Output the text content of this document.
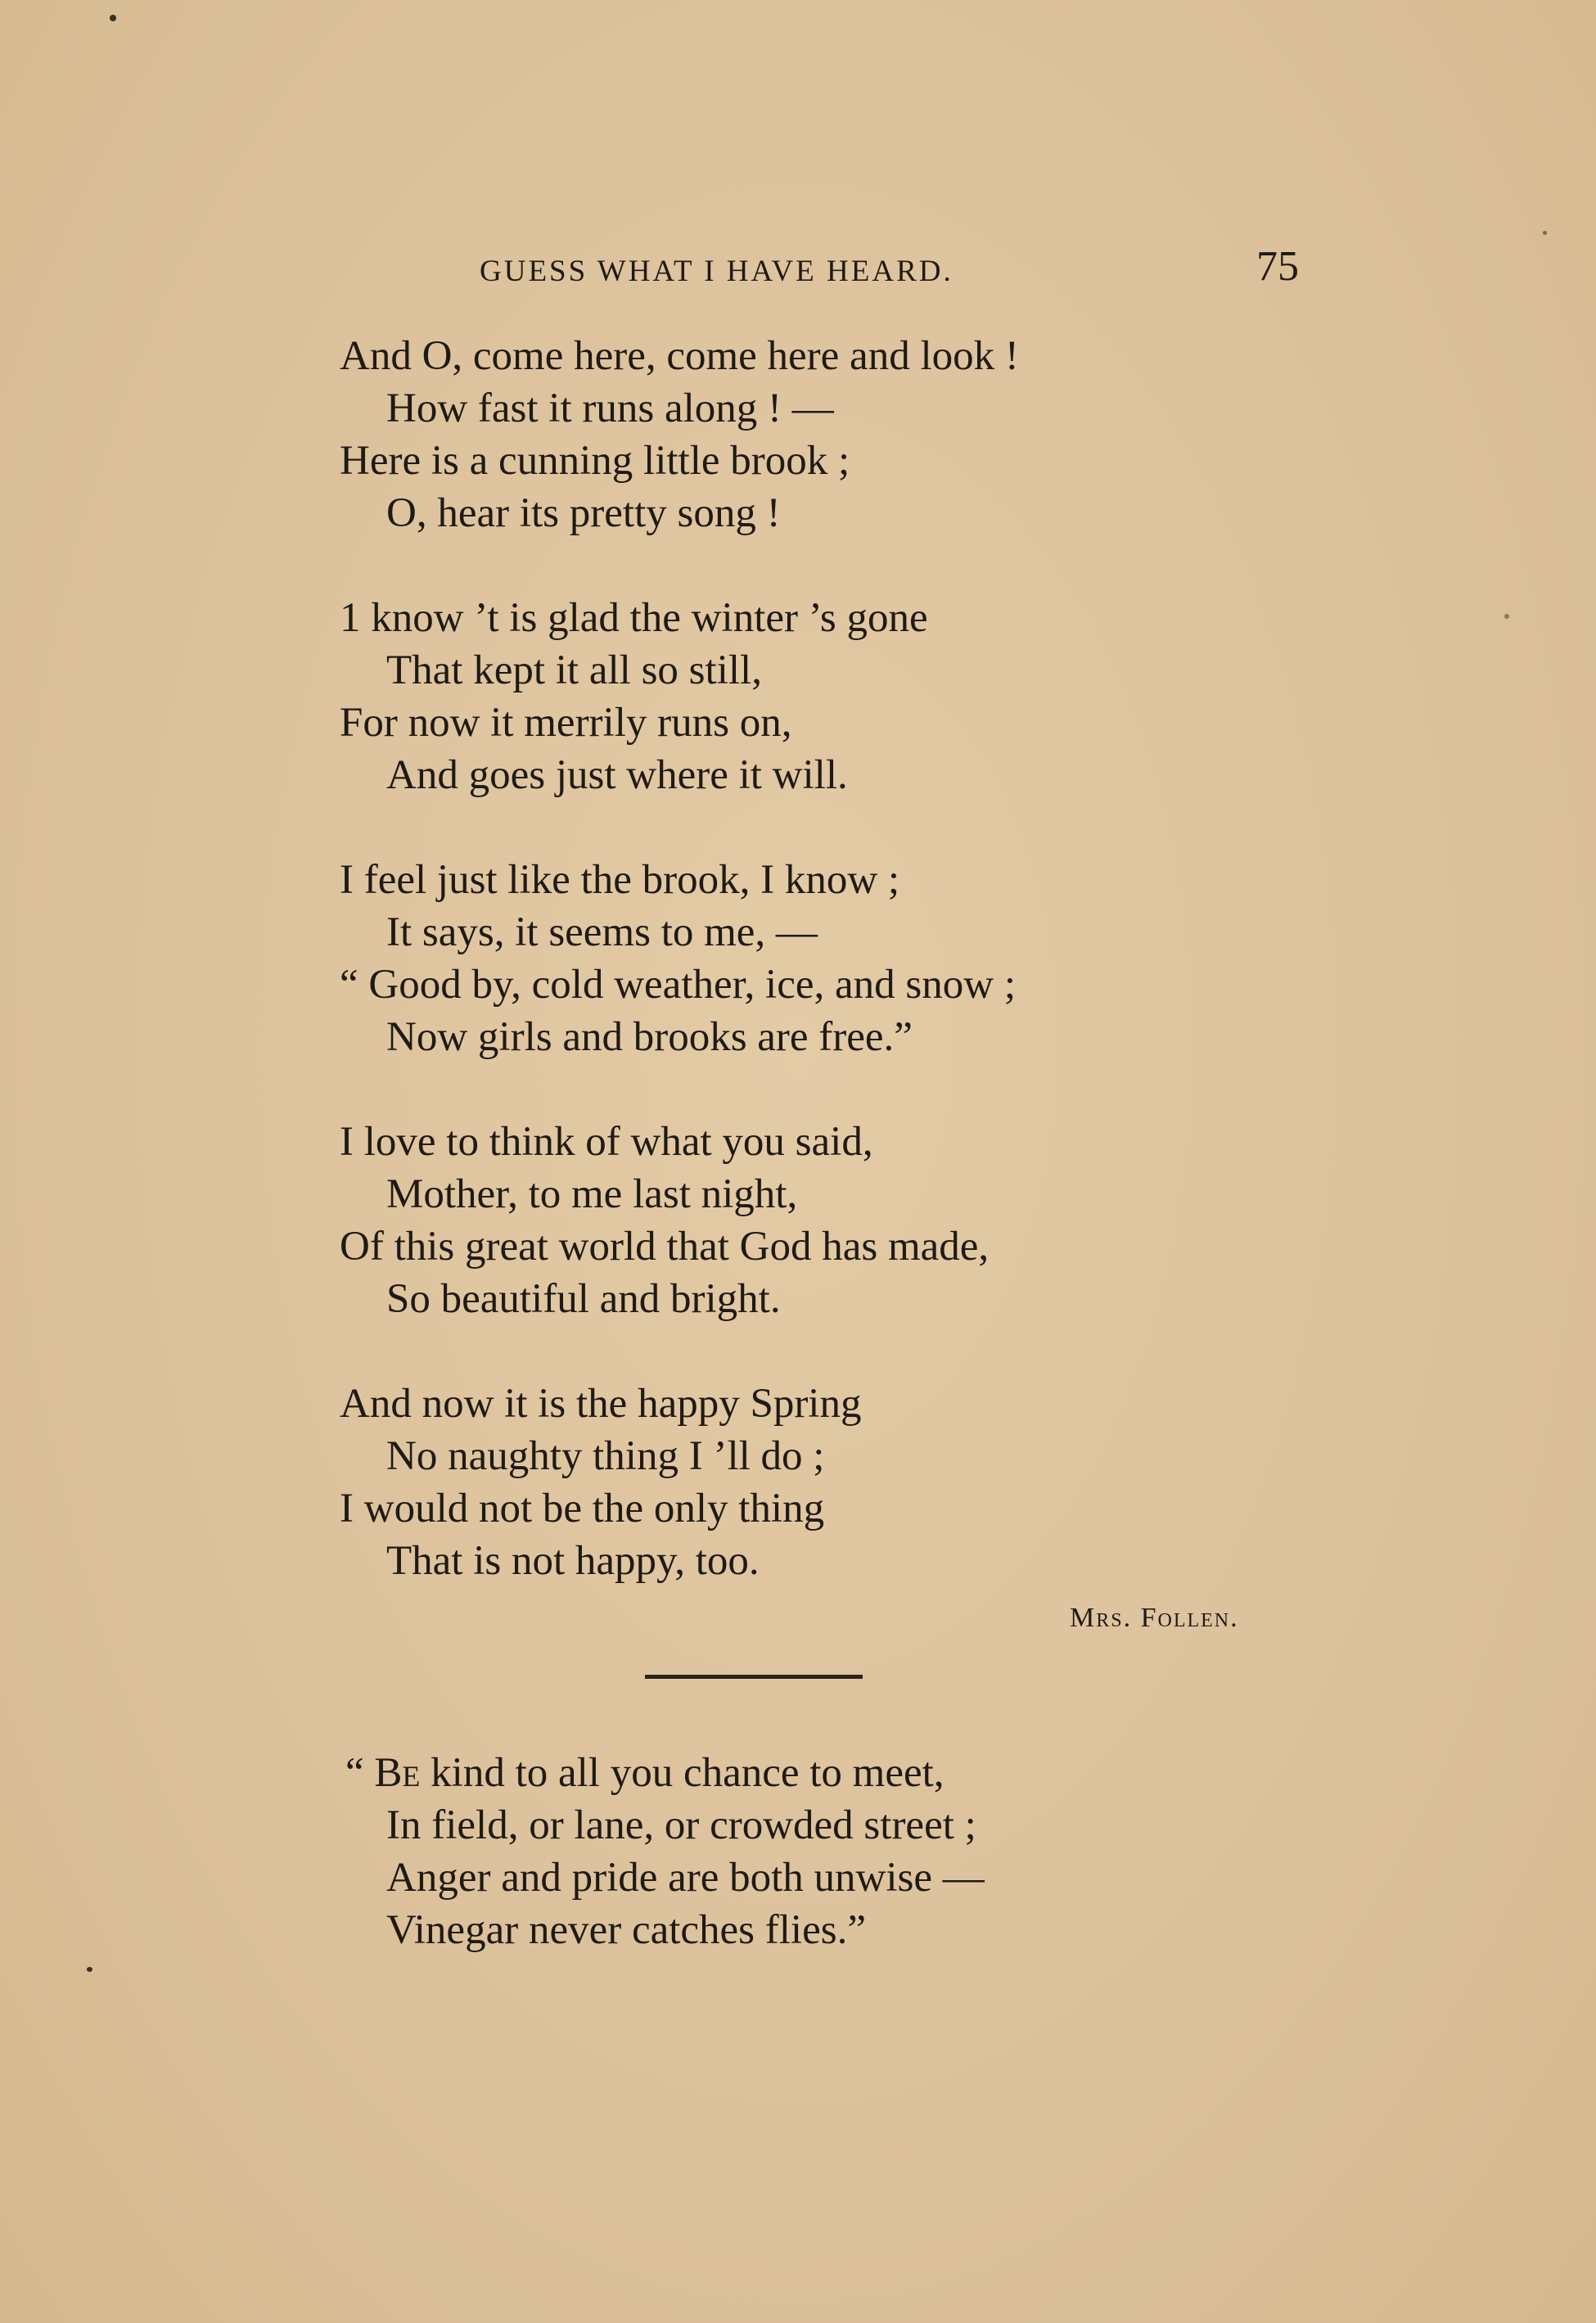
GUESS WHAT I HAVE HEARD.	75
And O, come here, come here and look !
How fast it runs along ! —
Here is a cunning little brook ;
O, hear its pretty song !
1 know ’t is glad the winter ’s gone
That kept it all so still,
For now it merrily runs on,
And goes just where it will.
I feel just like the brook, I know ;
It says, it seems to me, —
“ Good by, cold weather, ice, and snow ;
Now girls and brooks are free.”
I love to think of what you said,
Mother, to me last night,
Of this great world that God has made,
So beautiful and bright.
And now it is the happy Spring
No naughty thing I ’ll do ;
I would not be the only thing
That is not happy, too.
Mrs. Follen.
“ Be kind to all you chance to meet,
In field, or lane, or crowded street ;
Anger and pride are both unwise —
Vinegar never catches flies.”
